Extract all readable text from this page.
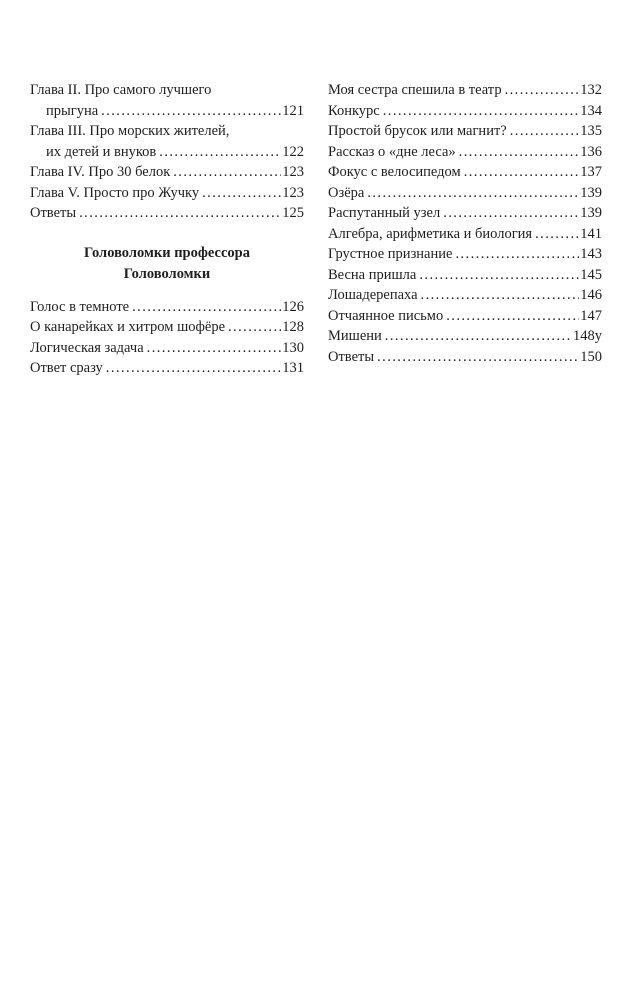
Глава II. Про самого лучшего
прыгуна . . .	121
Глава III. Про морских жителей,
их детей и внуков . . .	122
Глава IV. Про 30 белок . . .	123
Глава V. Просто про Жучку . . .	123
Ответы . . .	125
Головоломки профессора
Головоломки
Голос в темноте . . .	126
О канарейках и хитром шофёре . . .	128
Логическая задача . . .	130
Ответ сразу . . .	131
Моя сестра спешила в театр . . .	132
Конкурс . . .	134
Простой брусок или магнит? . . .	135
Рассказ о «дне леса» . . .	136
Фокус с велосипедом . . .	137
Озёра . . .	139
Распутанный узел . . .	139
Алгебра, арифметика и биология . . .	141
Грустное признание . . .	143
Весна пришла . . .	145
Лошадерепаха . . .	146
Отчаянное письмо . . .	147
Мишени . . .	148у
Ответы . . .	150
